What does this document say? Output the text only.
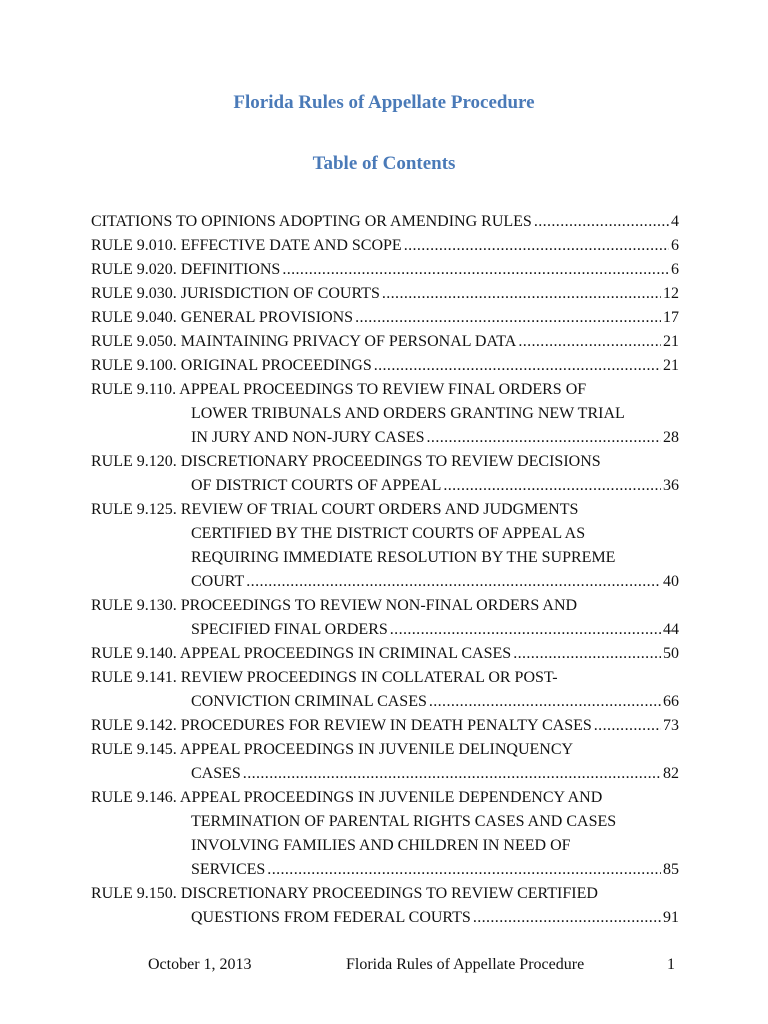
Florida Rules of Appellate Procedure
Table of Contents
CITATIONS TO OPINIONS ADOPTING OR AMENDING RULES .....	4
RULE 9.010. EFFECTIVE DATE AND SCOPE .....	6
RULE 9.020. DEFINITIONS .....	6
RULE 9.030. JURISDICTION OF COURTS .....	12
RULE 9.040. GENERAL PROVISIONS .....	17
RULE 9.050. MAINTAINING PRIVACY OF PERSONAL DATA .....	21
RULE 9.100. ORIGINAL PROCEEDINGS .....	21
RULE 9.110. APPEAL PROCEEDINGS TO REVIEW FINAL ORDERS OF
LOWER TRIBUNALS AND ORDERS GRANTING NEW TRIAL
IN JURY AND NON-JURY CASES .....	28
RULE 9.120. DISCRETIONARY PROCEEDINGS TO REVIEW DECISIONS
OF DISTRICT COURTS OF APPEAL .....	36
RULE 9.125. REVIEW OF TRIAL COURT ORDERS AND JUDGMENTS
CERTIFIED BY THE DISTRICT COURTS OF APPEAL AS
REQUIRING IMMEDIATE RESOLUTION BY THE SUPREME
COURT .....	40
RULE 9.130. PROCEEDINGS TO REVIEW NON-FINAL ORDERS AND
SPECIFIED FINAL ORDERS .....	44
RULE 9.140. APPEAL PROCEEDINGS IN CRIMINAL CASES .....	50
RULE 9.141. REVIEW PROCEEDINGS IN COLLATERAL OR POST-
CONVICTION CRIMINAL CASES .....	66
RULE 9.142. PROCEDURES FOR REVIEW IN DEATH PENALTY CASES .....	73
RULE 9.145. APPEAL PROCEEDINGS IN JUVENILE DELINQUENCY
CASES .....	82
RULE 9.146. APPEAL PROCEEDINGS IN JUVENILE DEPENDENCY AND
TERMINATION OF PARENTAL RIGHTS CASES AND CASES
INVOLVING FAMILIES AND CHILDREN IN NEED OF
SERVICES .....	85
RULE 9.150. DISCRETIONARY PROCEEDINGS TO REVIEW CERTIFIED
QUESTIONS FROM FEDERAL COURTS .....	91
October 1, 2013	Florida Rules of Appellate Procedure	1
